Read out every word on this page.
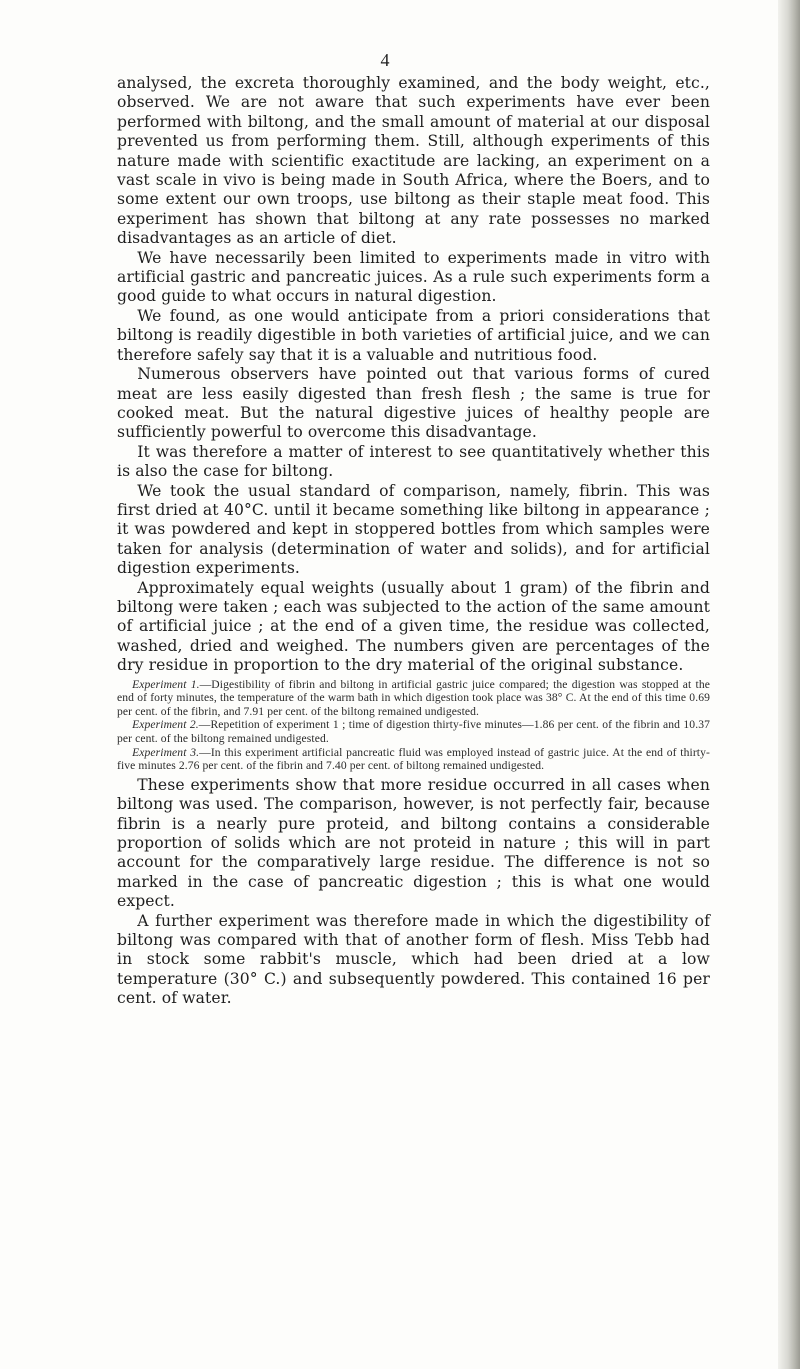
4

analysed, the excreta thoroughly examined, and the body weight, etc., observed. We are not aware that such experiments have ever been performed with biltong, and the small amount of material at our disposal prevented us from performing them. Still, although experiments of this nature made with scientific exactitude are lacking, an experiment on a vast scale in vivo is being made in South Africa, where the Boers, and to some extent our own troops, use biltong as their staple meat food. This experiment has shown that biltong at any rate possesses no marked disadvantages as an article of diet.

We have necessarily been limited to experiments made in vitro with artificial gastric and pancreatic juices. As a rule such experiments form a good guide to what occurs in natural digestion.

We found, as one would anticipate from a priori considerations that biltong is readily digestible in both varieties of artificial juice, and we can therefore safely say that it is a valuable and nutritious food.

Numerous observers have pointed out that various forms of cured meat are less easily digested than fresh flesh ; the same is true for cooked meat. But the natural digestive juices of healthy people are sufficiently powerful to overcome this disadvantage.

It was therefore a matter of interest to see quantitatively whether this is also the case for biltong.

We took the usual standard of comparison, namely, fibrin. This was first dried at 40°C. until it became something like biltong in appearance ; it was powdered and kept in stoppered bottles from which samples were taken for analysis (determination of water and solids), and for artificial digestion experiments.

Approximately equal weights (usually about 1 gram) of the fibrin and biltong were taken ; each was subjected to the action of the same amount of artificial juice ; at the end of a given time, the residue was collected, washed, dried and weighed. The numbers given are percentages of the dry residue in proportion to the dry material of the original substance.

Experiment 1.—Digestibility of fibrin and biltong in artificial gastric juice compared; the digestion was stopped at the end of forty minutes, the temperature of the warm bath in which digestion took place was 38° C. At the end of this time 0.69 per cent. of the fibrin, and 7.91 per cent. of the biltong remained undigested.

Experiment 2.—Repetition of experiment 1 ; time of digestion thirty-five minutes—1.86 per cent. of the fibrin and 10.37 per cent. of the biltong remained undigested.

Experiment 3.—In this experiment artificial pancreatic fluid was employed instead of gastric juice. At the end of thirty-five minutes 2.76 per cent. of the fibrin and 7.40 per cent. of biltong remained undigested.

These experiments show that more residue occurred in all cases when biltong was used. The comparison, however, is not perfectly fair, because fibrin is a nearly pure proteid, and biltong contains a considerable proportion of solids which are not proteid in nature ; this will in part account for the comparatively large residue. The difference is not so marked in the case of pancreatic digestion ; this is what one would expect.

A further experiment was therefore made in which the digestibility of biltong was compared with that of another form of flesh. Miss Tebb had in stock some rabbit's muscle, which had been dried at a low temperature (30° C.) and subsequently powdered. This contained 16 per cent. of water.
